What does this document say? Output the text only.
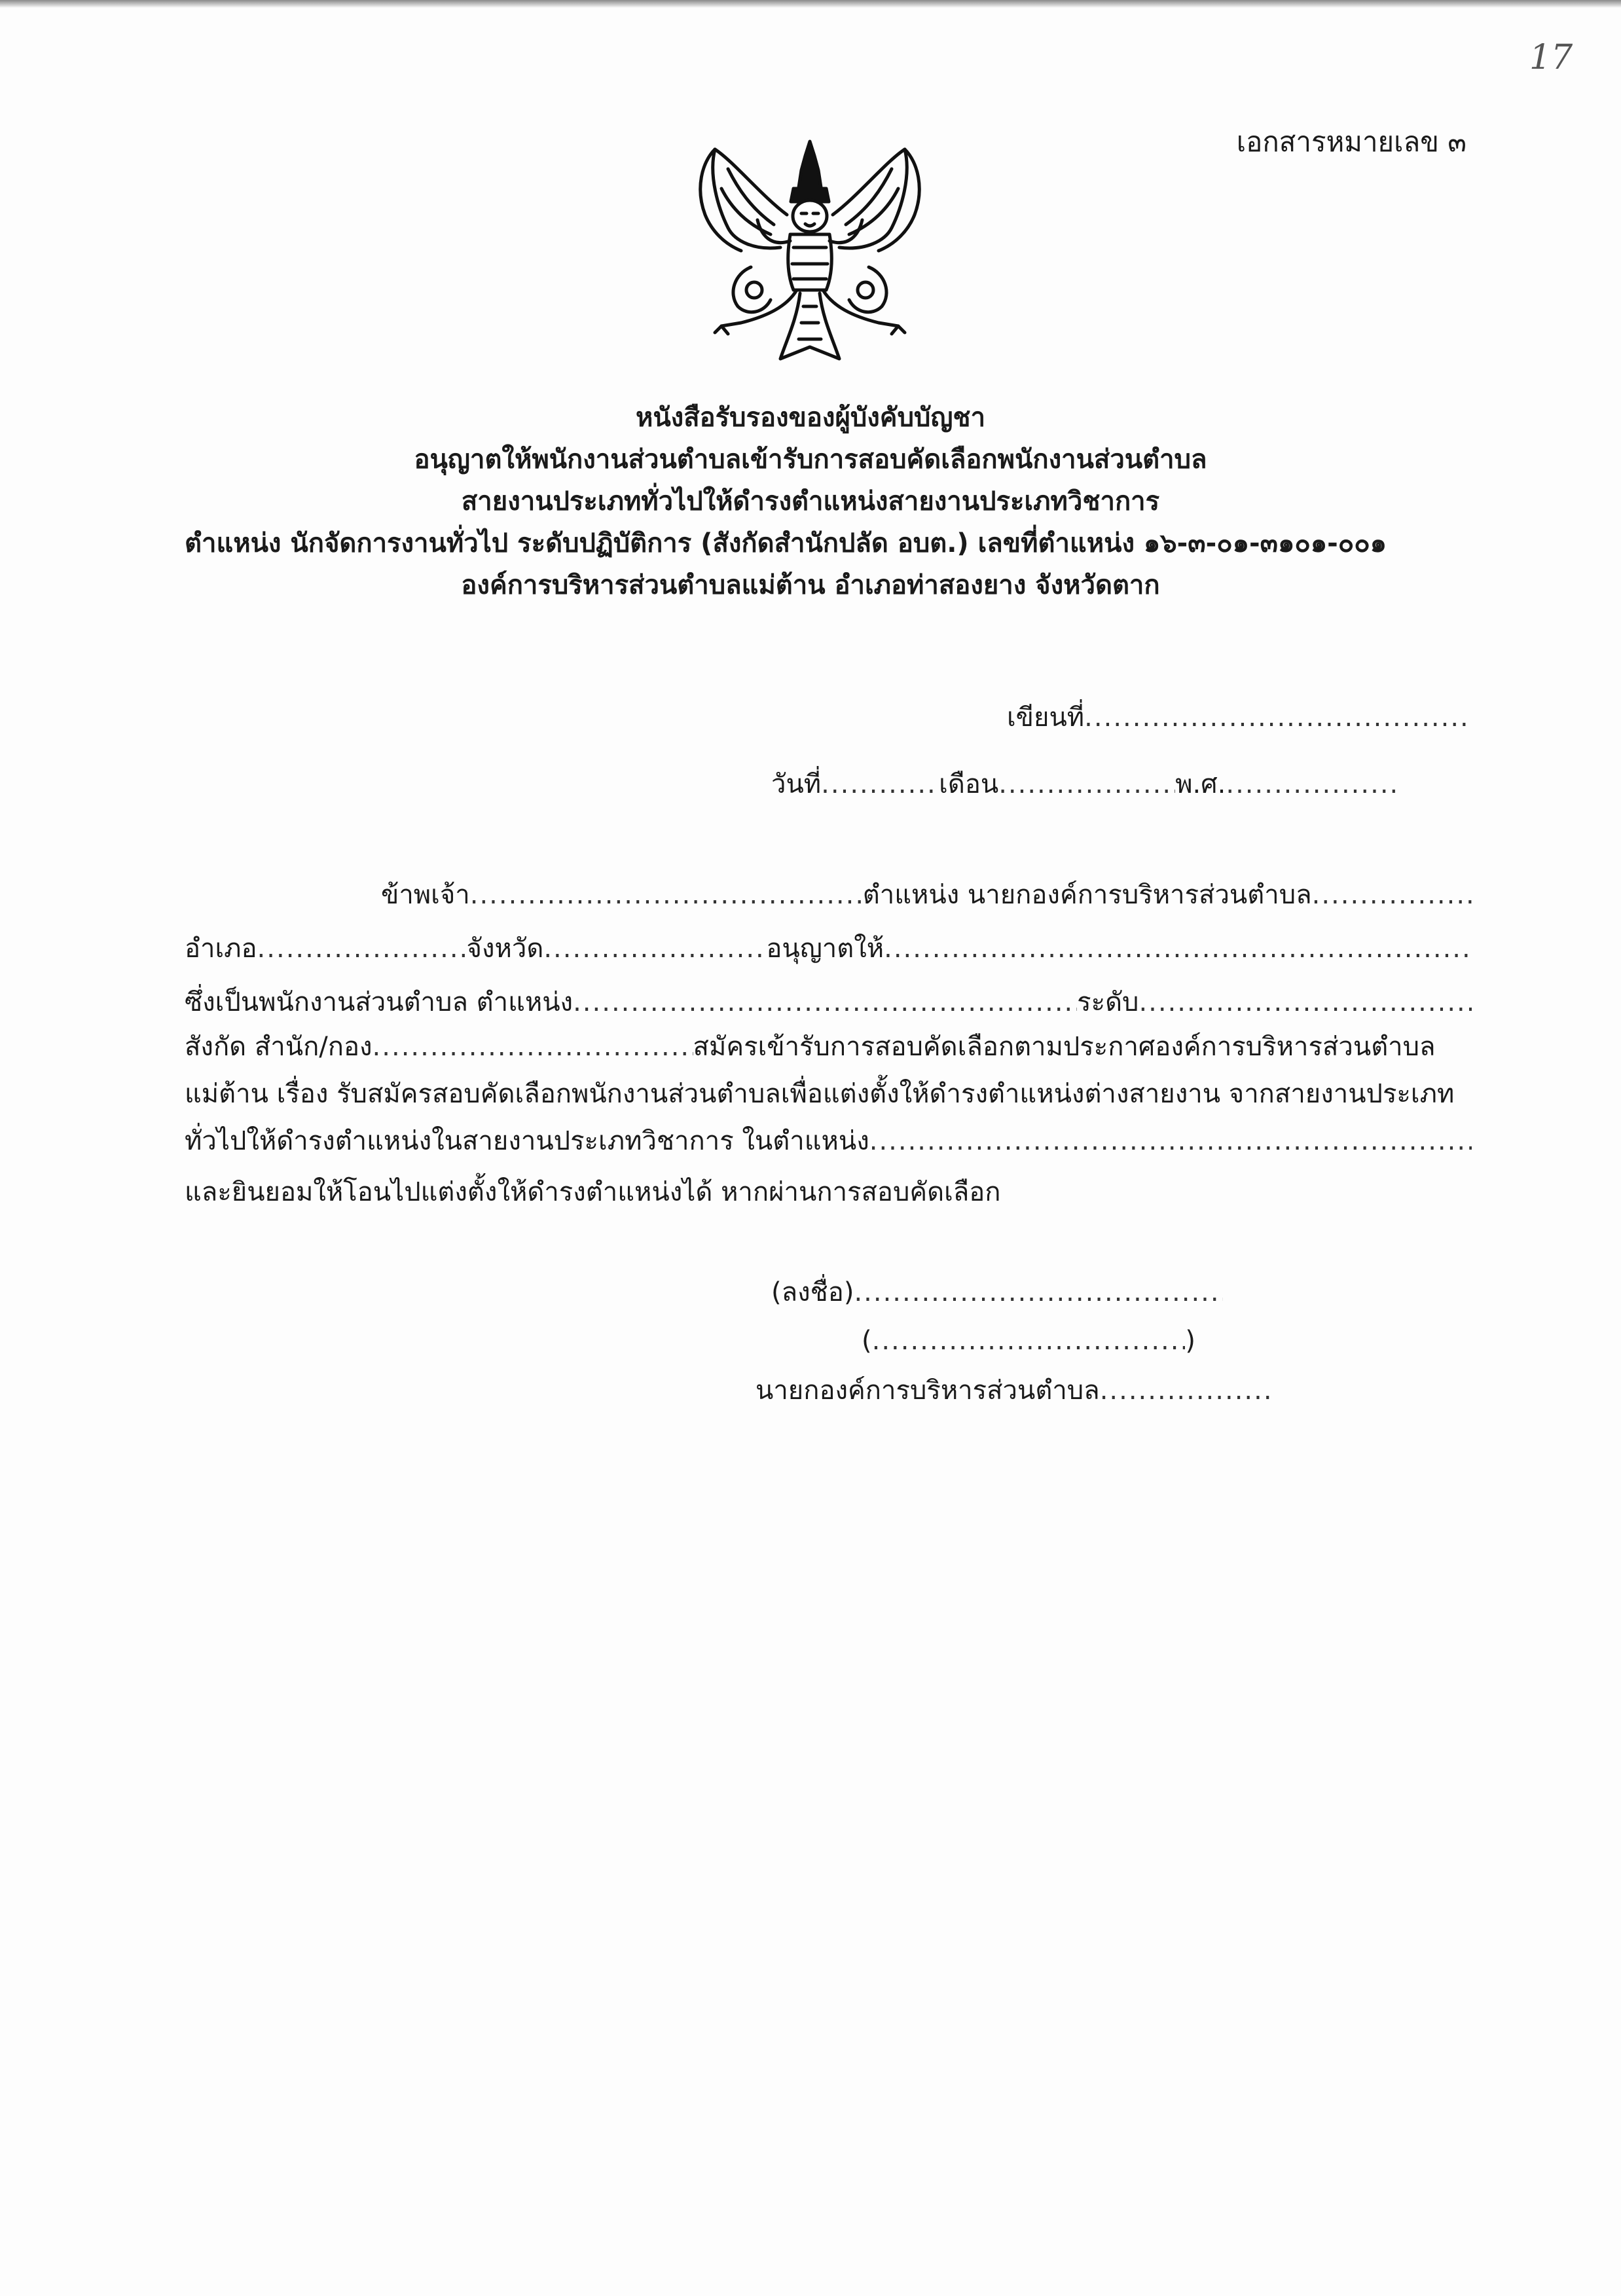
17
เอกสารหมายเลข ๓
หนังสือรับรองของผู้บังคับบัญชา
อนุญาตให้พนักงานส่วนตำบลเข้ารับการสอบคัดเลือกพนักงานส่วนตำบล
สายงานประเภททั่วไปให้ดำรงตำแหน่งสายงานประเภทวิชาการ
ตำแหน่ง นักจัดการงานทั่วไป ระดับปฏิบัติการ (สังกัดสำนักปลัด อบต.) เลขที่ตำแหน่ง ๑๖-๓-๐๑-๓๑๐๑-๐๐๑
องค์การบริหารส่วนตำบลแม่ต้าน อำเภอท่าสองยาง จังหวัดตาก
เขียนที่
.....
วันที่ .....	เดือน .....	พ.ศ.
.....
ข้าพเจ้า .....	ตำแหน่ง นายกองค์การบริหารส่วนตำบล
.....
อำเภอ .....	จังหวัด .....	อนุญาตให้
.....
ซึ่งเป็นพนักงานส่วนตำบล ตำแหน่ง .....	ระดับ
.....
สังกัด สำนัก/กอง .....	สมัครเข้ารับการสอบคัดเลือกตามประกาศองค์การบริหารส่วนตำบล
แม่ต้าน เรื่อง รับสมัครสอบคัดเลือกพนักงานส่วนตำบลเพื่อแต่งตั้งให้ดำรงตำแหน่งต่างสายงาน จากสายงานประเภท
ทั่วไปให้ดำรงตำแหน่งในสายงานประเภทวิชาการ ในตำแหน่ง
.....
และยินยอมให้โอนไปแต่งตั้งให้ดำรงตำแหน่งได้ หากผ่านการสอบคัดเลือก
(ลงชื่อ)
.....
( .....	)
นายกองค์การบริหารส่วนตำบล
.....
